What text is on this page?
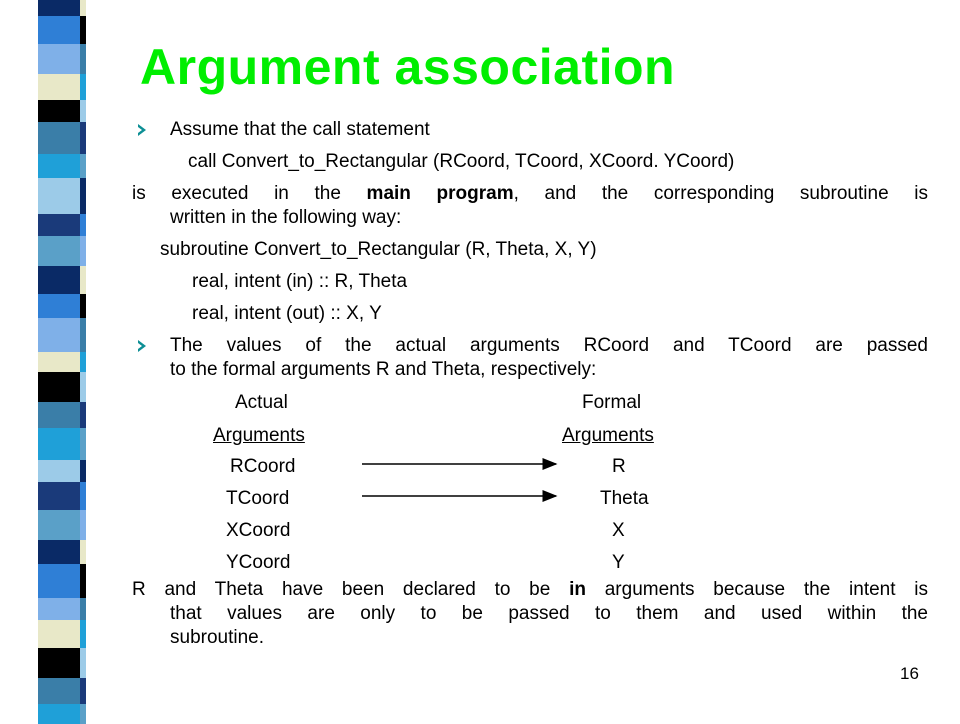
Argument association
Assume that the call statement
call Convert_to_Rectangular (RCoord, TCoord, XCoord. YCoord)
is executed in the main program, and the corresponding subroutine is
written in the following way:
subroutine Convert_to_Rectangular (R, Theta, X, Y)
real, intent (in) :: R, Theta
real, intent (out) :: X, Y
The values of the actual arguments RCoord and TCoord are passed
to the formal arguments R and Theta, respectively:
Actual	Formal
Arguments	Arguments
RCoord	R
TCoord	Theta
XCoord	X
YCoord	Y
R and Theta have been declared to be in arguments because the intent is
that values are only to be passed to them and used within the
subroutine.
16
